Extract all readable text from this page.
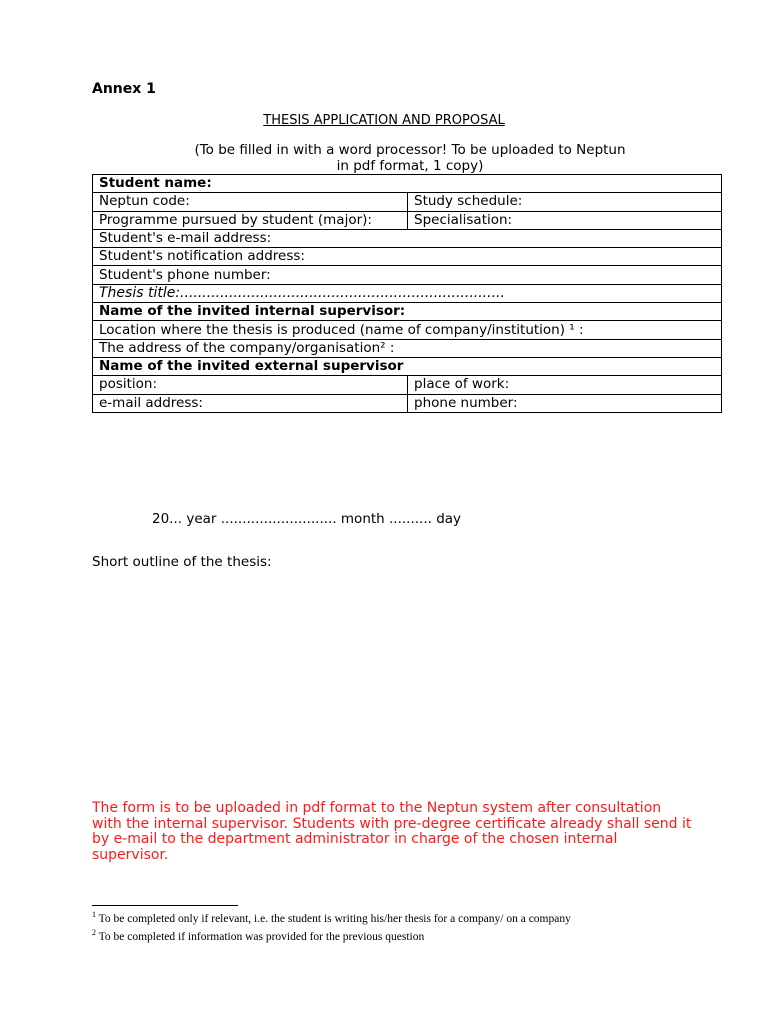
Annex 1
THESIS APPLICATION AND PROPOSAL
(To be filled in with a word processor! To be uploaded to Neptun
in pdf format, 1 copy)
Student name:	
Neptun code:	Study schedule:
Programme pursued by student (major):	Specialisation:
Student's e-mail address:	
Student's notification address:	
Student's phone number:	
Thesis title:.........................................................................	
Name of the invited internal supervisor:	
Location where the thesis is produced (name of company/institution) ¹ :	
The address of the company/organisation² :	
Name of the invited external supervisor	
position:	place of work:
e-mail address:	phone number:
20... year ........................... month .......... day
Short outline of the thesis:
The form is to be uploaded in pdf format to the Neptun system after consultation with the internal supervisor. Students with pre-degree certificate already shall send it by e-mail to the department administrator in charge of the chosen internal supervisor.
$^1$ To be completed only if relevant, i.e. the student is writing his/her thesis for a company/ on a company
$^2$ To be completed if information was provided for the previous question
